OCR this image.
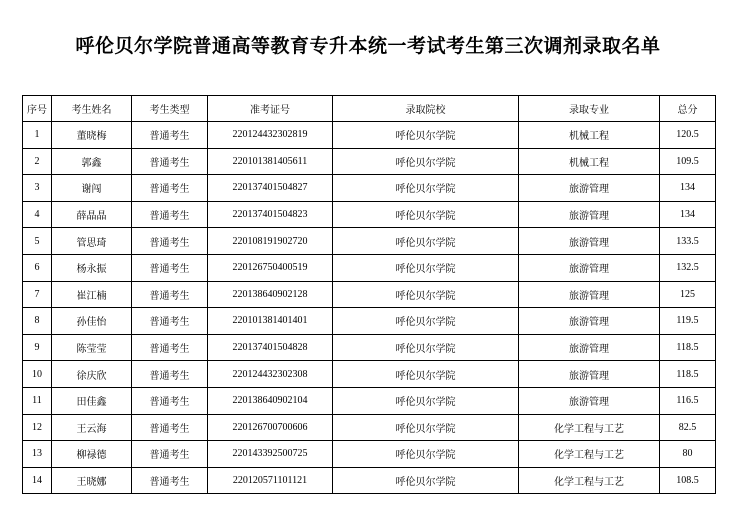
呼伦贝尔学院普通高等教育专升本统一考试考生第三次调剂录取名单
序号	考生姓名	考生类型	准考证号	录取院校	录取专业	总分
1	董晓梅	普通考生	220124432302819	呼伦贝尔学院	机械工程	120.5
2	郭鑫	普通考生	220101381405611	呼伦贝尔学院	机械工程	109.5
3	谢闯	普通考生	220137401504827	呼伦贝尔学院	旅游管理	134
4	薛晶晶	普通考生	220137401504823	呼伦贝尔学院	旅游管理	134
5	管思琦	普通考生	220108191902720	呼伦贝尔学院	旅游管理	133.5
6	杨永振	普通考生	220126750400519	呼伦贝尔学院	旅游管理	132.5
7	崔江楠	普通考生	220138640902128	呼伦贝尔学院	旅游管理	125
8	孙佳怡	普通考生	220101381401401	呼伦贝尔学院	旅游管理	119.5
9	陈莹莹	普通考生	220137401504828	呼伦贝尔学院	旅游管理	118.5
10	徐庆欣	普通考生	220124432302308	呼伦贝尔学院	旅游管理	118.5
11	田佳鑫	普通考生	220138640902104	呼伦贝尔学院	旅游管理	116.5
12	王云海	普通考生	220126700700606	呼伦贝尔学院	化学工程与工艺	82.5
13	柳禄德	普通考生	220143392500725	呼伦贝尔学院	化学工程与工艺	80
14	王晓娜	普通考生	220120571101121	呼伦贝尔学院	化学工程与工艺	108.5
